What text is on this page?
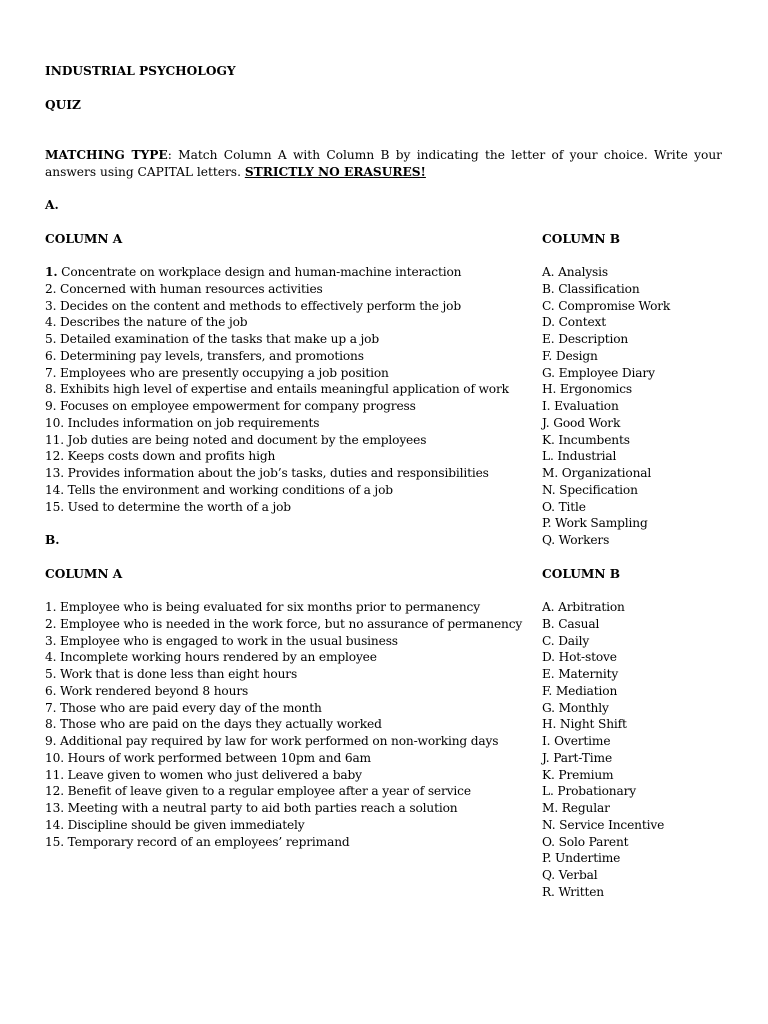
INDUSTRIAL PSYCHOLOGY
QUIZ

MATCHING TYPE: Match Column A with Column B by indicating the letter of your choice. Write your answers using CAPITAL letters. STRICTLY NO ERASURES!

A.
COLUMN A

1. Concentrate on workplace design and human-machine interaction
2. Concerned with human resources activities
3. Decides on the content and methods to effectively perform the job
4. Describes the nature of the job
5. Detailed examination of the tasks that make up a job
6. Determining pay levels, transfers, and promotions
7. Employees who are presently occupying a job position
8. Exhibits high level of expertise and entails meaningful application of work
9. Focuses on employee empowerment for company progress
10. Includes information on job requirements
11. Job duties are being noted and document by the employees
12. Keeps costs down and profits high
13. Provides information about the job’s tasks, duties and responsibilities
14. Tells the environment and working conditions of a job
15. Used to determine the worth of a job
COLUMN B

A. Analysis
B. Classification
C. Compromise Work
D. Context
E. Description
F. Design
G. Employee Diary
H. Ergonomics
I. Evaluation
J. Good Work
K. Incumbents
L. Industrial
M. Organizational
N. Specification
O. Title
P. Work Sampling
Q. Workers
B.
COLUMN A

1. Employee who is being evaluated for six months prior to permanency
2. Employee who is needed in the work force, but no assurance of permanency
3. Employee who is engaged to work in the usual business
4. Incomplete working hours rendered by an employee
5. Work that is done less than eight hours
6. Work rendered beyond 8 hours
7. Those who are paid every day of the month
8. Those who are paid on the days they actually worked
9. Additional pay required by law for work performed on non-working days
10. Hours of work performed between 10pm and 6am
11. Leave given to women who just delivered a baby
12. Benefit of leave given to a regular employee after a year of service
13. Meeting with a neutral party to aid both parties reach a solution
14. Discipline should be given immediately
15. Temporary record of an employees’ reprimand
COLUMN B

A. Arbitration
B. Casual
C. Daily
D. Hot-stove
E. Maternity
F. Mediation
G. Monthly
H. Night Shift
I. Overtime
J. Part-Time
K. Premium
L. Probationary
M. Regular
N. Service Incentive
O. Solo Parent
P. Undertime
Q. Verbal
R. Written
